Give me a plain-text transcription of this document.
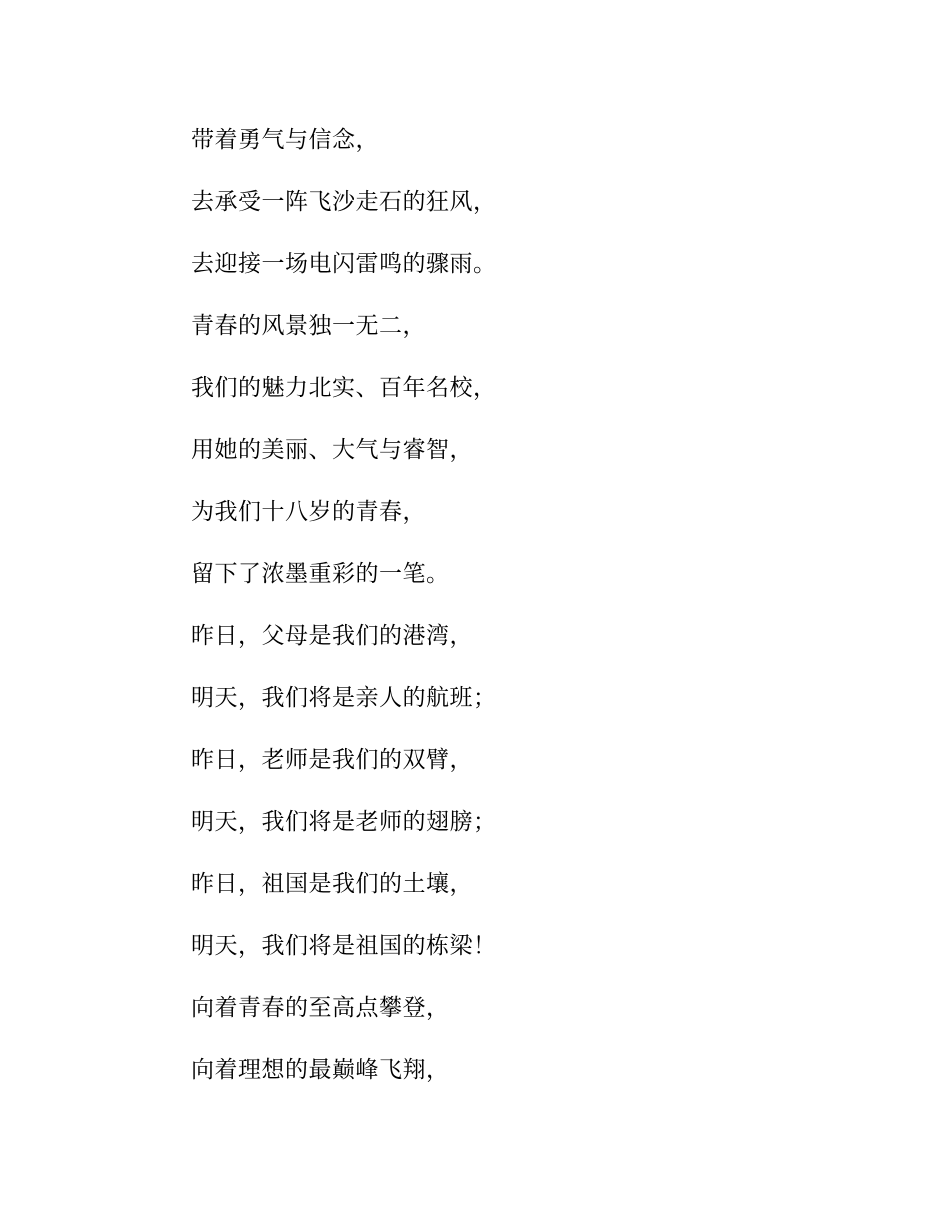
带着勇气与信念，
去承受一阵飞沙走石的狂风，
去迎接一场电闪雷鸣的骤雨。
青春的风景独一无二，
我们的魅力北实、百年名校，
用她的美丽、大气与睿智，
为我们十八岁的青春，
留下了浓墨重彩的一笔。
昨日，父母是我们的港湾，
明天，我们将是亲人的航班；
昨日，老师是我们的双臂，
明天，我们将是老师的翅膀；
昨日，祖国是我们的土壤，
明天，我们将是祖国的栋梁！
向着青春的至高点攀登，
向着理想的最巅峰飞翔，
